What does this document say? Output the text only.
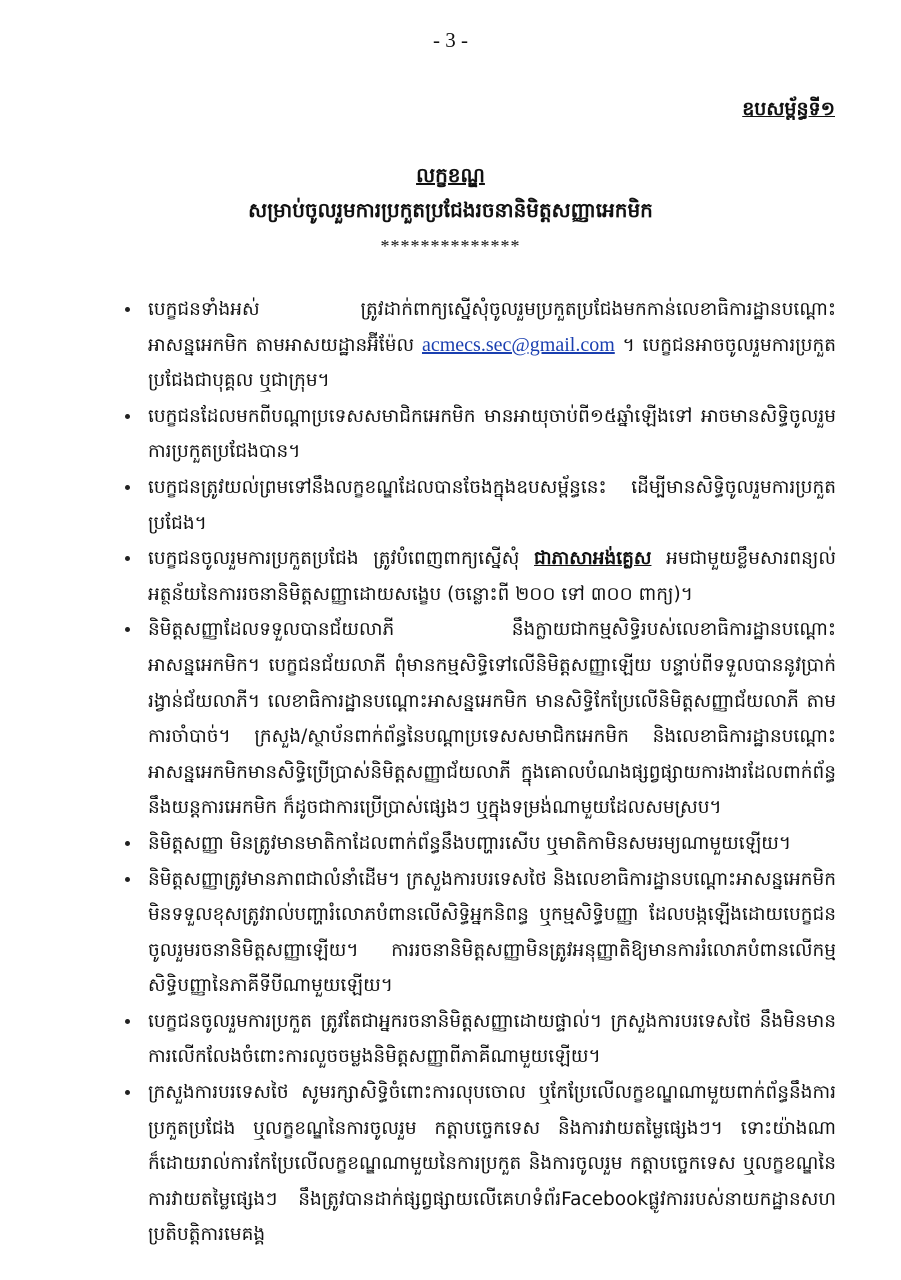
- 3 -
ឧបសម្ព័ន្ធទី១
លក្ខខណ្ឌ
សម្រាប់ចូលរួមការប្រកួតប្រជែងរចនានិមិត្តសញ្ញាអេកមិក
**************
បេក្ខជនទាំងអស់ ត្រូវដាក់ពាក្យស្នើសុំចូលរួមប្រកួតប្រជែងមកកាន់លេខាធិការដ្ឋានបណ្តោះអាសន្នអេកមិក តាមអាសយដ្ឋានអ៊ីម៉ែល acmecs.sec@gmail.com ។ បេក្ខជនអាចចូលរួមការប្រកួតប្រជែងជាបុគ្គល ឬជាក្រុម។
បេក្ខជនដែលមកពីបណ្តាប្រទេសសមាជិកអេកមិក មានអាយុចាប់ពី១៥ឆ្នាំឡើងទៅ អាចមានសិទ្ធិចូលរួមការប្រកួតប្រជែងបាន។
បេក្ខជនត្រូវយល់ព្រមទៅនឹងលក្ខខណ្ឌដែលបានចែងក្នុងឧបសម្ព័ន្ធនេះ ដើម្បីមានសិទ្ធិចូលរួមការប្រកួតប្រជែង។
បេក្ខជនចូលរួមការប្រកួតប្រជែង ត្រូវបំពេញពាក្យស្នើសុំ ជាភាសាអង់គ្លេស អមជាមួយខ្លឹមសារពន្យល់អត្ថន័យនៃការរចនានិមិត្តសញ្ញាដោយសង្ខេប (ចន្លោះពី ២០០ ទៅ ៣០០ ពាក្យ)។
និមិត្តសញ្ញាដែលទទួលបានជ័យលាភី នឹងក្លាយជាកម្មសិទ្ធិរបស់លេខាធិការដ្ឋានបណ្តោះអាសន្នអេកមិក។ បេក្ខជនជ័យលាភី ពុំមានកម្មសិទ្ធិទៅលើនិមិត្តសញ្ញាឡើយ បន្ទាប់ពីទទួលបាននូវប្រាក់រង្វាន់ជ័យលាភី។ លេខាធិការដ្ឋានបណ្តោះអាសន្នអេកមិក មានសិទ្ធិកែប្រែលើនិមិត្តសញ្ញាជ័យលាភី តាមការចាំបាច់។ ក្រសួង/ស្ថាប័នពាក់ព័ន្ធនៃបណ្តាប្រទេសសមាជិកអេកមិក និងលេខាធិការដ្ឋានបណ្តោះអាសន្នអេកមិកមានសិទ្ធិប្រើប្រាស់និមិត្តសញ្ញាជ័យលាភី ក្នុងគោលបំណងផ្សព្វផ្សាយការងារដែលពាក់ព័ន្ធនឹងយន្តការអេកមិក ក៏ដូចជាការប្រើប្រាស់ផ្សេងៗ ឬក្នុងទម្រង់ណាមួយដែលសមស្រប។
និមិត្តសញ្ញា មិនត្រូវមានមាតិកាដែលពាក់ព័ន្ធនឹងបញ្ហារសើប ឬមាតិកាមិនសមរម្យណាមួយឡើយ។
និមិត្តសញ្ញាត្រូវមានភាពជាលំនាំដើម។ ក្រសួងការបរទេសថៃ និងលេខាធិការដ្ឋានបណ្តោះអាសន្នអេកមិក មិនទទួលខុសត្រូវរាល់បញ្ហារំលោភបំពានលើសិទ្ធិអ្នកនិពន្ធ ឬកម្មសិទ្ធិបញ្ញា ដែលបង្កឡើងដោយបេក្ខជនចូលរួមរចនានិមិត្តសញ្ញាឡើយ។ ការរចនានិមិត្តសញ្ញាមិនត្រូវអនុញ្ញាតិឱ្យមានការរំលោភបំពានលើកម្មសិទ្ធិបញ្ញានៃភាគីទីបីណាមួយឡើយ។
បេក្ខជនចូលរួមការប្រកួត ត្រូវតែជាអ្នករចនានិមិត្តសញ្ញាដោយផ្ទាល់។ ក្រសួងការបរទេសថៃ នឹងមិនមានការលើកលែងចំពោះការលួចចម្លងនិមិត្តសញ្ញាពីភាគីណាមួយឡើយ។
ក្រសួងការបរទេសថៃ សូមរក្សាសិទ្ធិចំពោះការលុបចោល ឬកែប្រែលើលក្ខខណ្ឌណាមួយពាក់ព័ន្ធនឹងការប្រកួតប្រជែង ឬលក្ខខណ្ឌនៃការចូលរួម កត្តាបច្ចេកទេស និងការវាយតម្លៃផ្សេងៗ។ ទោះយ៉ាងណាក៏ដោយរាល់ការកែប្រែលើលក្ខខណ្ឌណាមួយនៃការប្រកួត និងការចូលរួម កត្តាបច្ចេកទេស ឬលក្ខខណ្ឌនៃការវាយតម្លៃផ្សេងៗ នឹងត្រូវបានដាក់ផ្សព្វផ្សាយលើគេហទំព័រFacebookផ្លូវការរបស់នាយកដ្ឋានសហប្រតិបត្តិការមេគង្គ
